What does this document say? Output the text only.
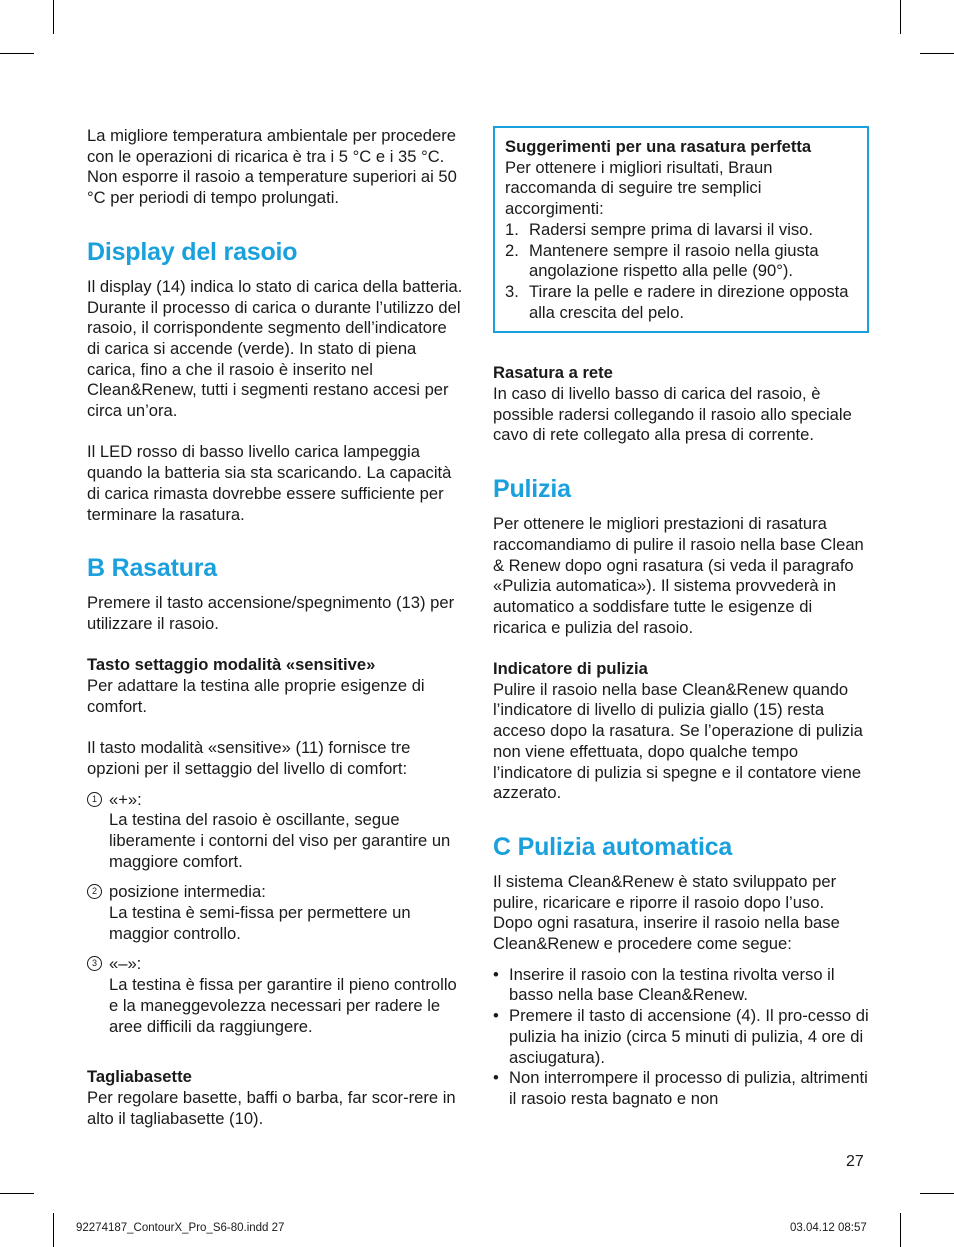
La migliore temperatura ambientale per procedere con le operazioni di ricarica è tra i 5 °C e i 35 °C. Non esporre il rasoio a temperature superiori ai 50 °C per periodi di tempo prolungati.

Display del rasoio

Il display (14) indica lo stato di carica della batteria. Durante il processo di carica o durante l’utilizzo del rasoio, il corrispondente segmento dell’indicatore di carica si accende (verde). In stato di piena carica, fino a che il rasoio è inserito nel Clean&Renew, tutti i segmenti restano accesi per circa un’ora.

Il LED rosso di basso livello carica lampeggia quando la batteria sia sta scaricando. La capacità di carica rimasta dovrebbe essere sufficiente per terminare la rasatura.

B Rasatura

Premere il tasto accensione/spegnimento (13) per utilizzare il rasoio.

Tasto settaggio modalità «sensitive»

Per adattare la testina alle proprie esigenze di comfort.

Il tasto modalità «sensitive» (11) fornisce tre opzioni per il settaggio del livello di comfort:

1 «+»:

La testina del rasoio è oscillante, segue liberamente i contorni del viso per garantire un maggiore comfort.

2 posizione intermedia:

La testina è semi-fissa per permettere un maggior controllo.

3 «–»:

La testina è fissa per garantire il pieno controllo e la maneggevolezza necessari per radere le aree difficili da raggiungere.

Tagliabasette

Per regolare basette, baffi o barba, far scor-rere in alto il tagliabasette (10).

Suggerimenti per una rasatura perfetta

Per ottenere i migliori risultati, Braun raccomanda di seguire tre semplici accorgimenti:

1. Radersi sempre prima di lavarsi il viso.
2. Mantenere sempre il rasoio nella giusta angolazione rispetto alla pelle (90°).
3. Tirare la pelle e radere in direzione opposta alla crescita del pelo.

Rasatura a rete

In caso di livello basso di carica del rasoio, è possible radersi collegando il rasoio allo speciale cavo di rete collegato alla presa di corrente.

Pulizia

Per ottenere le migliori prestazioni di rasatura raccomandiamo di pulire il rasoio nella base Clean & Renew dopo ogni rasatura (si veda il paragrafo «Pulizia automatica»). Il sistema provvederà in automatico a soddisfare tutte le esigenze di ricarica e pulizia del rasoio.

Indicatore di pulizia

Pulire il rasoio nella base Clean&Renew quando l’indicatore di livello di pulizia giallo (15) resta acceso dopo la rasatura. Se l’operazione di pulizia non viene effettuata, dopo qualche tempo l’indicatore di pulizia si spegne e il contatore viene azzerato.

C Pulizia automatica

Il sistema Clean&Renew è stato sviluppato per pulire, ricaricare e riporre il rasoio dopo l’uso.

Dopo ogni rasatura, inserire il rasoio nella base Clean&Renew e procedere come segue:

• Inserire il rasoio con la testina rivolta verso il basso nella base Clean&Renew.
• Premere il tasto di accensione (4). Il pro-cesso di pulizia ha inizio (circa 5 minuti di pulizia, 4 ore di asciugatura).
• Non interrompere il processo di pulizia, altrimenti il rasoio resta bagnato e non
27
92274187_ContourX_Pro_S6-80.indd 27	03.04.12 08:57
